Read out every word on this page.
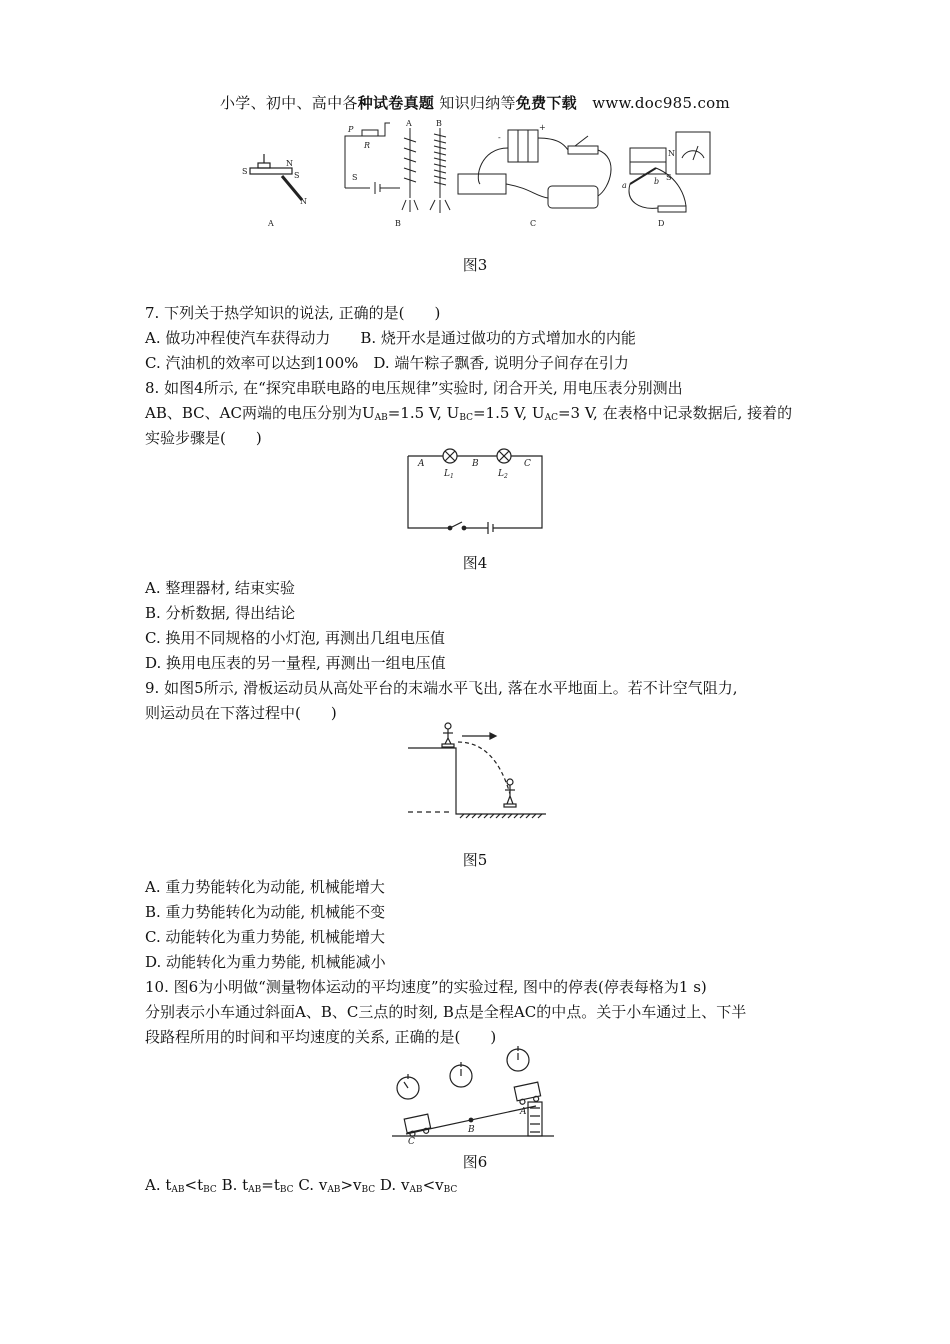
小学、初中、高中各种试卷真题 知识归纳等免费下载 www.doc985.com
S
N
S
N
A
P
R
S
A	B
B
+
-
C
N
S
a	b
D
图3
7. 下列关于热学知识的说法, 正确的是(　　)
A. 做功冲程使汽车获得动力　　B. 烧开水是通过做功的方式增加水的内能
C. 汽油机的效率可以达到100%　D. 端午粽子飘香, 说明分子间存在引力
8. 如图4所示, 在“探究串联电路的电压规律”实验时, 闭合开关, 用电压表分别测出
AB、BC、AC两端的电压分别为$U_{AB}=1.5$ V, $U_{BC}=1.5$ V, $U_{AC}=3$ V, 在表格中记录数据后, 接着的
实验步骤是(　　)
A	B	C
$L_1$	$L_2$
图4
A. 整理器材, 结束实验
B. 分析数据, 得出结论
C. 换用不同规格的小灯泡, 再测出几组电压值
D. 换用电压表的另一量程, 再测出一组电压值
9. 如图5所示, 滑板运动员从高处平台的末端水平飞出, 落在水平地面上。若不计空气阻力,
则运动员在下落过程中(　　)
图5
A. 重力势能转化为动能, 机械能增大
B. 重力势能转化为动能, 机械能不变
C. 动能转化为重力势能, 机械能增大
D. 动能转化为重力势能, 机械能减小
10. 图6为小明做“测量物体运动的平均速度”的实验过程, 图中的停表(停表每格为1 s)
分别表示小车通过斜面A、B、C三点的时刻, B点是全程AC的中点。关于小车通过上、下半
段路程所用的时间和平均速度的关系, 正确的是(　　)
C
B
A
图6
A. $t_{AB}<t_{BC}$ B. $t_{AB}=t_{BC}$ C. $v_{AB}>v_{BC}$ D. $v_{AB}<v_{BC}$
